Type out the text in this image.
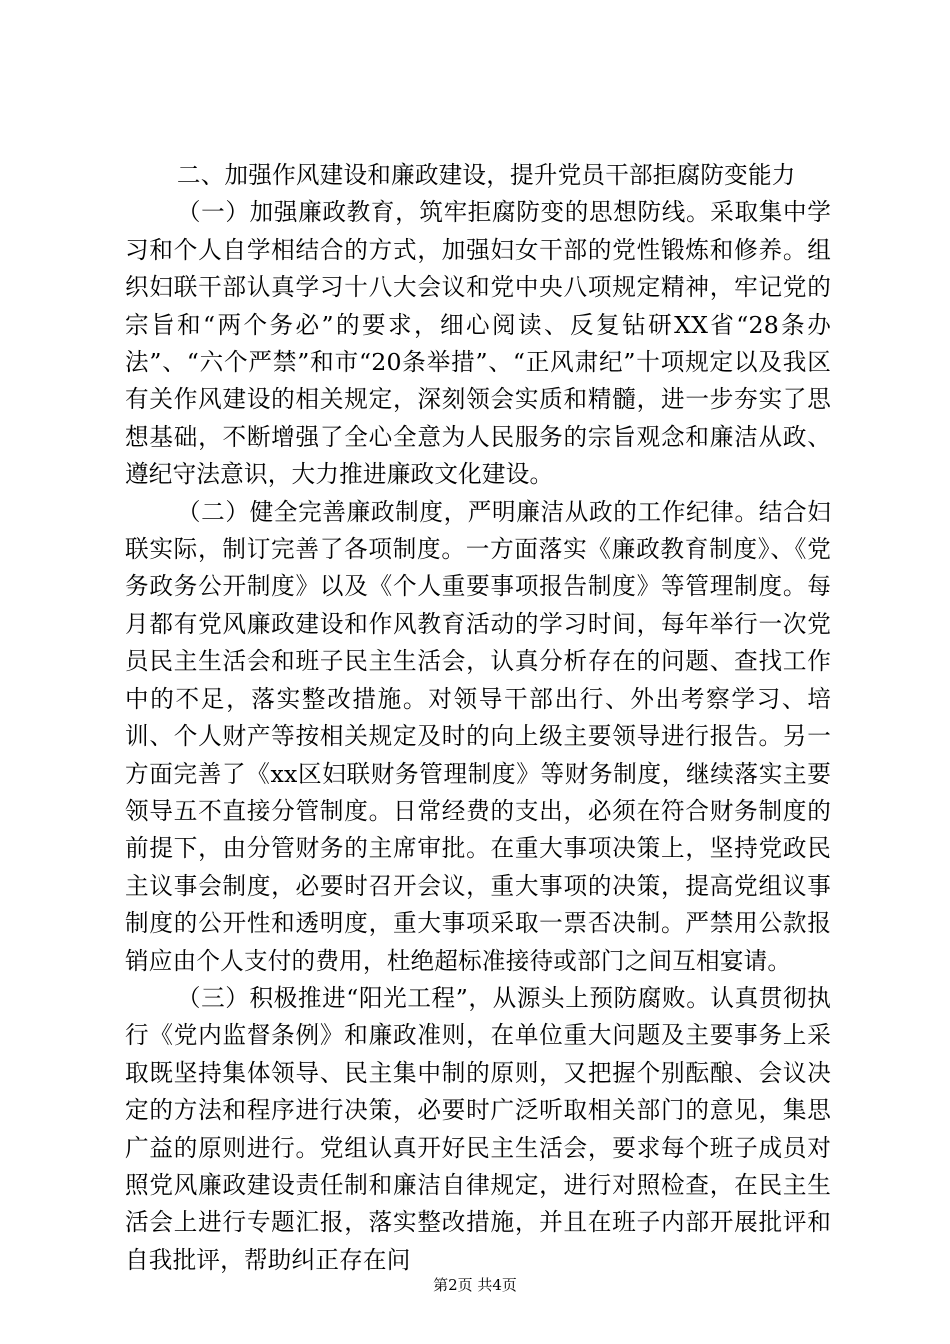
二、加强作风建设和廉政建设，提升党员干部拒腐防变能力

（一）加强廉政教育，筑牢拒腐防变的思想防线。采取集中学习和个人自学相结合的方式，加强妇女干部的党性锻炼和修养。组织妇联干部认真学习十八大会议和党中央八项规定精神，牢记党的宗旨和“两个务必”的要求，细心阅读、反复钻研XX省“28条办法”、“六个严禁”和市“20条举措”、“正风肃纪”十项规定以及我区有关作风建设的相关规定，深刻领会实质和精髓，进一步夯实了思想基础，不断增强了全心全意为人民服务的宗旨观念和廉洁从政、遵纪守法意识，大力推进廉政文化建设。

（二）健全完善廉政制度，严明廉洁从政的工作纪律。结合妇联实际，制订完善了各项制度。一方面落实《廉政教育制度》、《党务政务公开制度》以及《个人重要事项报告制度》等管理制度。每月都有党风廉政建设和作风教育活动的学习时间，每年举行一次党员民主生活会和班子民主生活会，认真分析存在的问题、查找工作中的不足，落实整改措施。对领导干部出行、外出考察学习、培训、个人财产等按相关规定及时的向上级主要领导进行报告。另一方面完善了《xx区妇联财务管理制度》等财务制度，继续落实主要领导五不直接分管制度。日常经费的支出，必须在符合财务制度的前提下，由分管财务的主席审批。在重大事项决策上，坚持党政民主议事会制度，必要时召开会议，重大事项的决策，提高党组议事制度的公开性和透明度，重大事项采取一票否决制。严禁用公款报销应由个人支付的费用，杜绝超标准接待或部门之间互相宴请。

（三）积极推进“阳光工程”，从源头上预防腐败。认真贯彻执行《党内监督条例》和廉政准则，在单位重大问题及主要事务上采取既坚持集体领导、民主集中制的原则，又把握个别酝酿、会议决定的方法和程序进行决策，必要时广泛听取相关部门的意见，集思广益的原则进行。党组认真开好民主生活会，要求每个班子成员对照党风廉政建设责任制和廉洁自律规定，进行对照检查，在民主生活会上进行专题汇报，落实整改措施，并且在班子内部开展批评和自我批评，帮助纠正存在问

第2页 共4页
